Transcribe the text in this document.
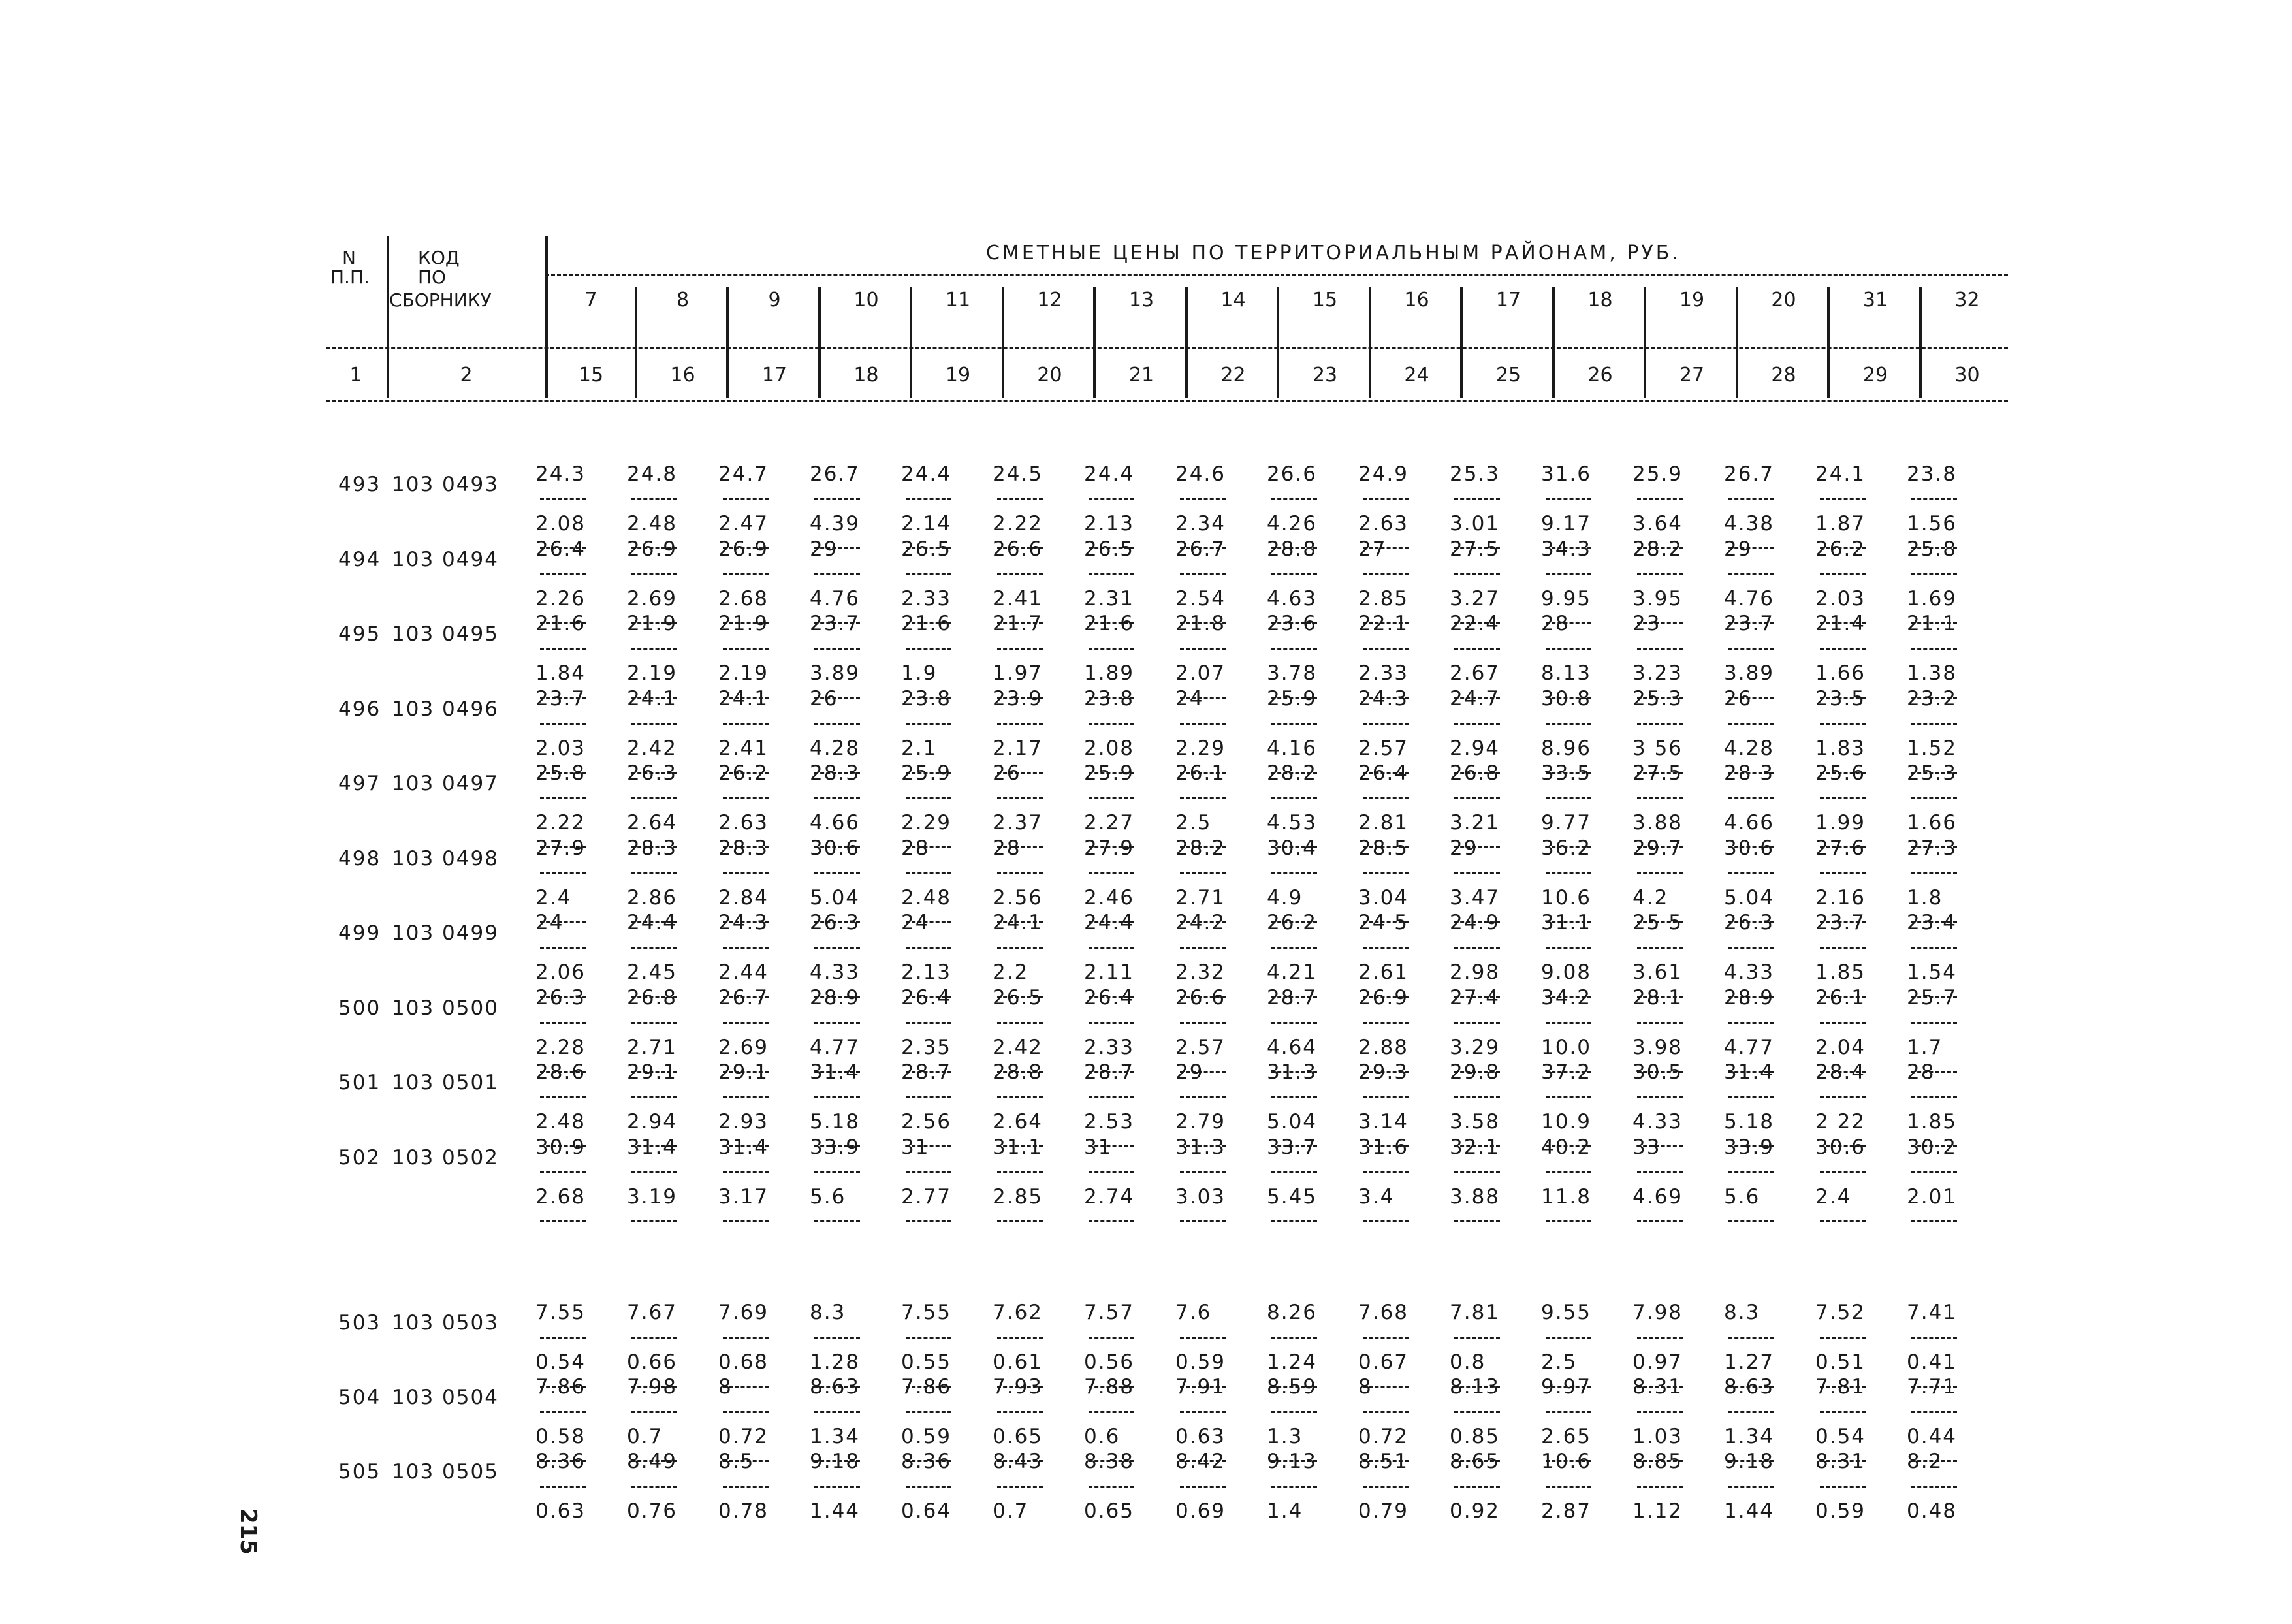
N
П.П.
КОД
ПО
СБОРНИКУ
СМЕТНЫЕ ЦЕНЫ ПО ТЕРРИТОРИАЛЬНЫМ РАЙОНАМ, РУБ.
7	8	9	10	11	12	13	14	15	16	17	18	19	20	31	32
1	2	15	16	17	18	19	20	21	22	23	24	25	26	27	28	29	30
493 103 0493 24.3 24.8 24.7 26.7 24.4 24.5 24.4 24.6 26.6 24.9 25.3 31.6 25.9 26.7 24.1 23.8
2.08 2.48 2.47 4.39 2.14 2.22 2.13 2.34 4.26 2.63 3.01 9.17 3.64 4.38 1.87 1.56
494 103 0494 26.4 26.9 26.9 29	26.5 26.6 26.5 26.7 28.8 27	27.5 34.3 28.2 29	26.2 25.8
2.26 2.69 2.68 4.76 2.33 2.41 2.31 2.54 4.63 2.85 3.27 9.95 3.95 4.76 2.03 1.69
495 103 0495 21.6 21.9 21.9 23.7 21.6 21.7 21.6 21.8 23.6 22.1 22.4 28	23	23.7 21.4 21.1
1.84 2.19 2.19 3.89 1.9	1.97 1.89 2.07 3.78 2.33 2.67 8.13 3.23 3.89 1.66 1.38
496 103 0496 23.7 24.1 24.1 26	23.8 23.9 23.8 24	25.9 24.3 24.7 30.8 25.3 26	23.5 23.2
2.03 2.42 2.41 4.28 2.1	2.17 2.08 2.29 4.16 2.57 2.94 8.96 3 56 4.28 1.83 1.52
497 103 0497 25.8 26.3 26.2 28.3 25.9 26	25.9 26.1 28.2 26.4 26.8 33.5 27.5 28 3 25.6 25.3
2.22 2.64 2.63 4.66 2.29 2.37 2.27 2.5	4.53 2.81 3.21 9.77 3.88 4.66 1.99 1.66
498 103 0498 27.9 28.3 28.3 30.6 28	28	27.9 28.2 30.4 28.5 29	36.2 29.7 30.6 27.6 27.3
2.4	2.86 2.84 5.04 2.48 2.56 2.46 2.71 4.9	3.04 3.47 10.6 4.2	5.04 2.16 1.8
499 103 0499 24	24.4 24.3 26.3 24	24.1 24.4 24.2 26.2 24 5 24.9 31.1 25 5 26.3 23.7 23.4
2.06 2.45 2.44 4.33 2.13 2.2	2.11 2.32 4.21 2.61 2.98 9.08 3.61 4.33 1.85 1.54
500 103 0500 26.3 26.8 26.7 28.9 26.4 26.5 26.4 26.6 28.7 26.9 27.4 34.2 28.1 28.9 26.1 25.7
2.28 2.71 2.69 4.77 2.35 2.42 2.33 2.57 4.64 2.88 3.29 10.0 3.98 4.77 2.04 1.7
501 103 0501 28.6 29.1 29.1 31.4 28.7 28.8 28.7 29	31.3 29.3 29.8 37.2 30.5 31.4 28.4 28
2.48 2.94 2.93 5.18 2.56 2.64 2.53 2.79 5.04 3.14 3.58 10.9 4.33 5.18 2 22 1.85
502 103 0502 30.9 31.4 31.4 33.9 31	31.1 31	31.3 33.7 31.6 32.1 40.2 33	33.9 30.6 30.2
2.68 3.19 3.17 5.6	2.77 2.85 2.74 3.03 5.45 3.4	3.88 11.8 4.69 5.6	2.4	2.01
503 103 0503 7.55 7.67 7.69 8.3	7.55 7.62 7.57 7.6	8.26 7.68 7.81 9.55 7.98 8.3	7.52 7.41
0.54 0.66 0.68 1.28 0.55 0.61 0.56 0.59 1.24 0.67 0.8	2.5	0.97 1.27 0.51 0.41
504 103 0504 7.86 7.98 8	8.63 7.86 7.93 7.88 7.91 8.59 8	8.13 9.97 8.31 8.63 7.81 7.71
0.58 0.7	0.72 1.34 0.59 0.65 0.6	0.63 1.3	0.72 0.85 2.65 1.03 1.34 0.54 0.44
505 103 0505 8.36 8.49 8.5	9.18 8.36 8.43 8.38 8.42 9.13 8.51 8.65 10.6 8.85 9.18 8.31 8.2
0.63 0.76 0.78 1.44 0.64 0.7	0.65 0.69 1.4	0.79 0.92 2.87 1.12 1.44 0.59 0.48
215
